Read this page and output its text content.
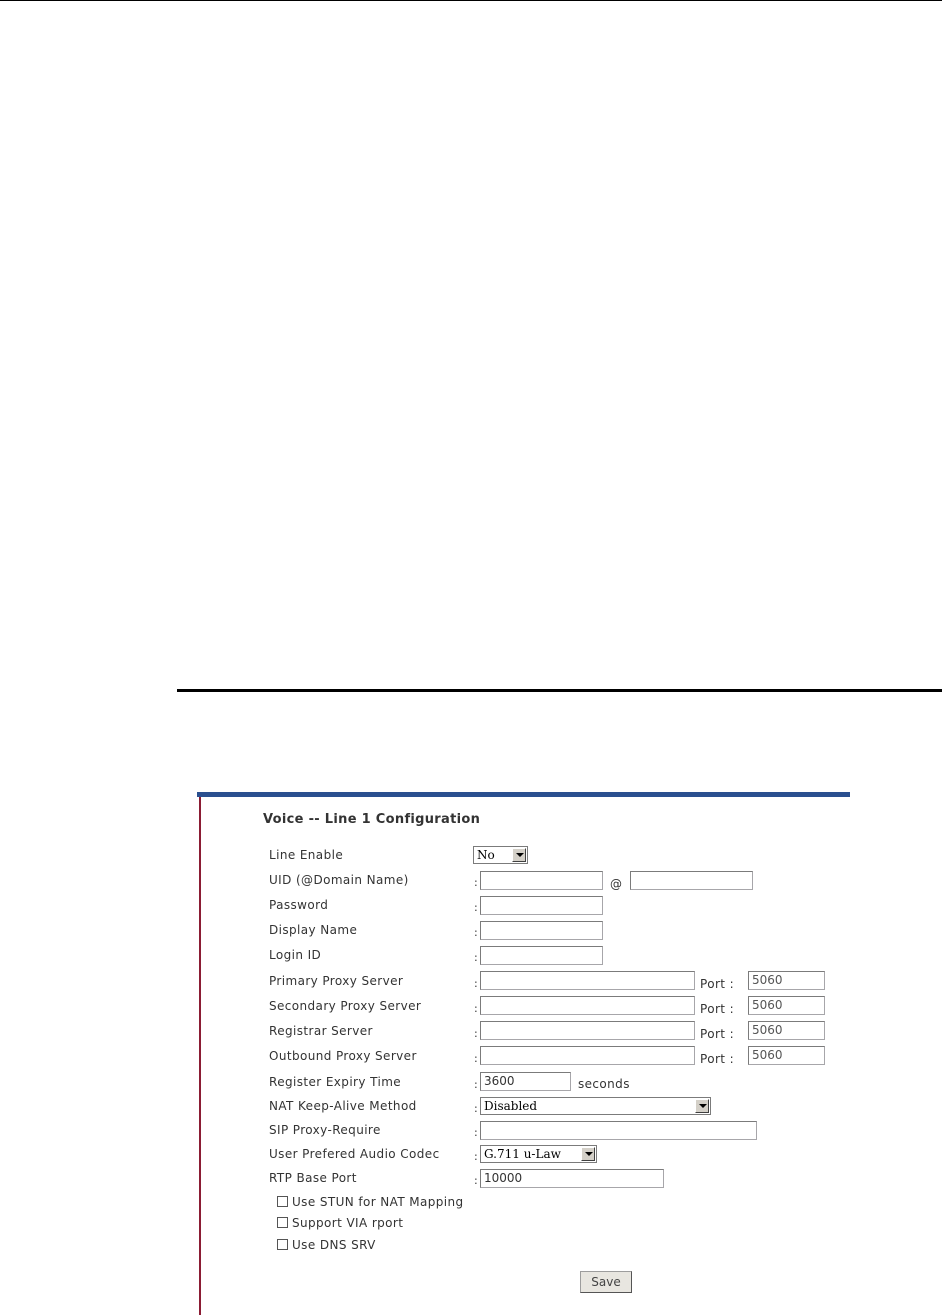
Voice -- Line 1 Configuration
Line Enable	No
UID (@Domain Name)	:	@
Password	:
Display Name	:
Login ID	:
Primary Proxy Server	:	Port :	5060
Secondary Proxy Server	:	Port :	5060
Registrar Server	:	Port :	5060
Outbound Proxy Server	:	Port :	5060
Register Expiry Time	: 3600	seconds
NAT Keep-Alive Method	: Disabled
SIP Proxy-Require	:
User Prefered Audio Codec	: G.711 u-Law
RTP Base Port	: 10000
Use STUN for NAT Mapping
Support VIA rport
Use DNS SRV
Save
